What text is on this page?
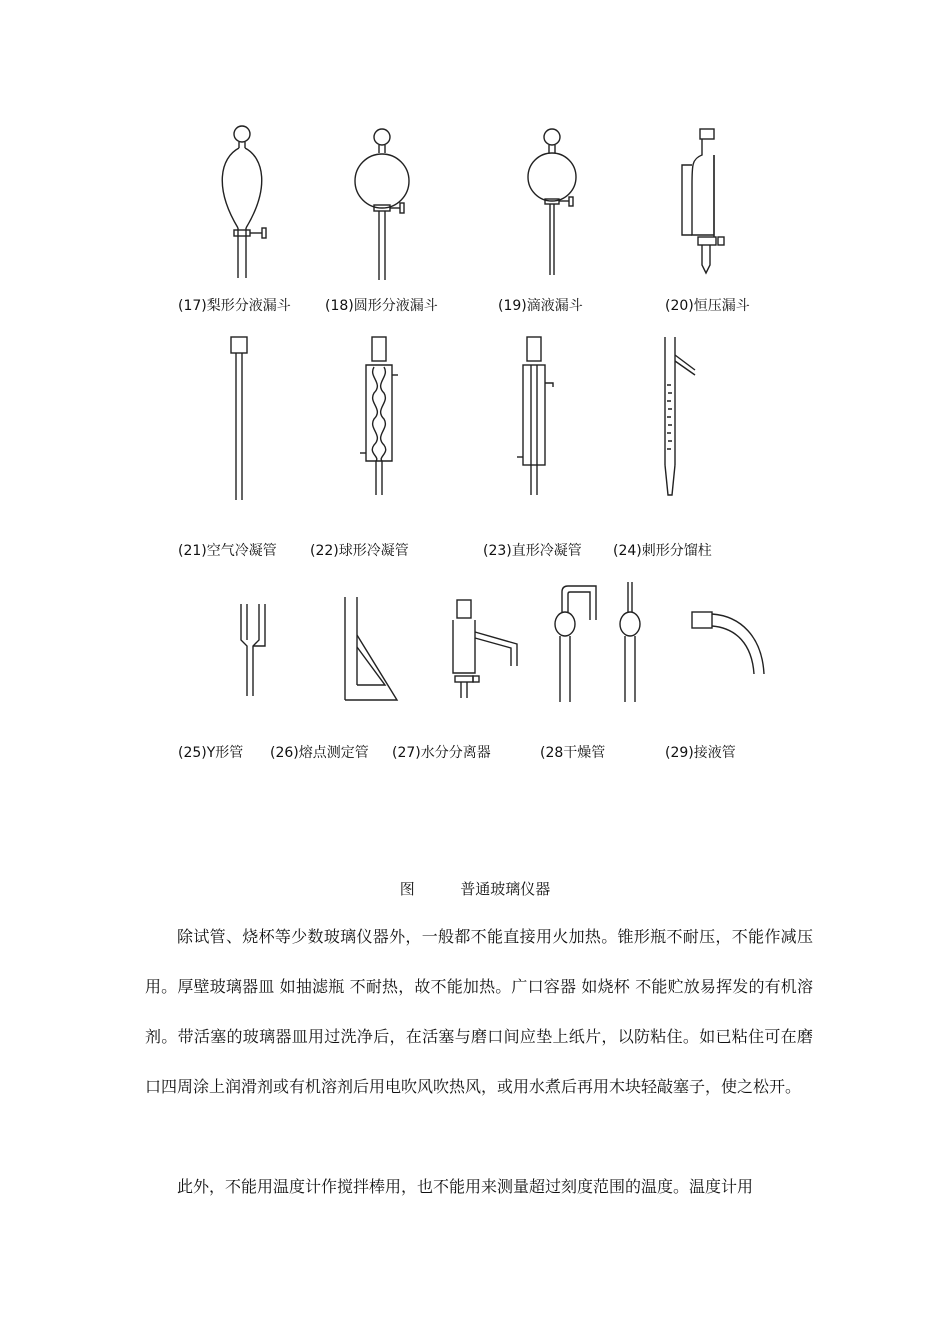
(17)梨形分液漏斗 (18)圆形分液漏斗	(19)滴液漏斗	(20)恒压漏斗
(21)空气冷凝管 (22)球形冷凝管	(23)直形冷凝管 (24)刺形分馏柱
(25)Y形管 (26)熔点测定管 (27)水分分离器	(28干燥管	(29)接液管
图	普通玻璃仪器

除试管、烧杯等少数玻璃仪器外，一般都不能直接用火加热。锥形瓶不耐压，不能作减压用。厚壁玻璃器皿 如抽滤瓶 不耐热，故不能加热。广口容器 如烧杯 不能贮放易挥发的有机溶剂。带活塞的玻璃器皿用过洗净后，在活塞与磨口间应垫上纸片，以防粘住。如已粘住可在磨口四周涂上润滑剂或有机溶剂后用电吹风吹热风，或用水煮后再用木块轻敲塞子，使之松开。

此外，不能用温度计作搅拌棒用，也不能用来测量超过刻度范围的温度。温度计用
